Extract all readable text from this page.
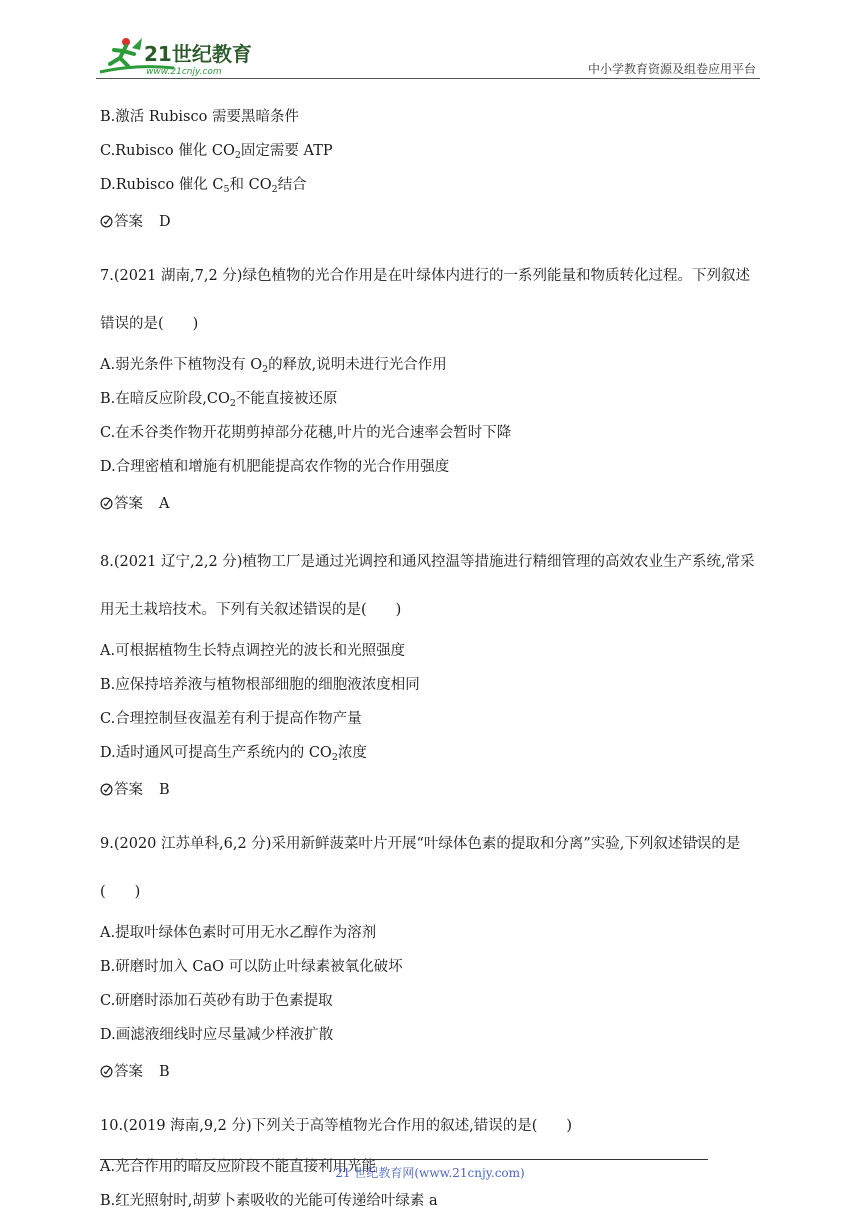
21世纪教育
www.21cnjy.com	中小学教育资源及组卷应用平台
B.激活 Rubisco 需要黑暗条件
C.Rubisco 催化 $CO_2$固定需要 ATP
D.Rubisco 催化 $C_5$和 $CO_2$结合
答案 D
7.(2021 湖南,7,2 分)绿色植物的光合作用是在叶绿体内进行的一系列能量和物质转化过程。下列叙述错误的是(　　)
A.弱光条件下植物没有 $O_2$的释放,说明未进行光合作用
B.在暗反应阶段$,CO_2$不能直接被还原
C.在禾谷类作物开花期剪掉部分花穗,叶片的光合速率会暂时下降
D.合理密植和增施有机肥能提高农作物的光合作用强度
答案 A
8.(2021 辽宁,2,2 分)植物工厂是通过光调控和通风控温等措施进行精细管理的高效农业生产系统,常采用无土栽培技术。下列有关叙述错误的是(　　)
A.可根据植物生长特点调控光的波长和光照强度
B.应保持培养液与植物根部细胞的细胞液浓度相同
C.合理控制昼夜温差有利于提高作物产量
D.适时通风可提高生产系统内的 $CO_2$浓度
答案 B
9.(2020 江苏单科,6,2 分)采用新鲜菠菜叶片开展“叶绿体色素的提取和分离”实验,下列叙述错误 ·的是(　　)
A.提取叶绿体色素时可用无水乙醇作为溶剂
B.研磨时加入 CaO 可以防止叶绿素被氧化破坏
C.研磨时添加石英砂有助于色素提取
D.画滤液细线时应尽量减少样液扩散
答案 B
10.(2019 海南,9,2 分)下列关于高等植物光合作用的叙述,错误的是(　　)
A.光合作用的暗反应阶段不能直接利用光能
B.红光照射时,胡萝卜素吸收的光能可传递给叶绿素 a
21 世纪教育网(www.21cnjy.com)
